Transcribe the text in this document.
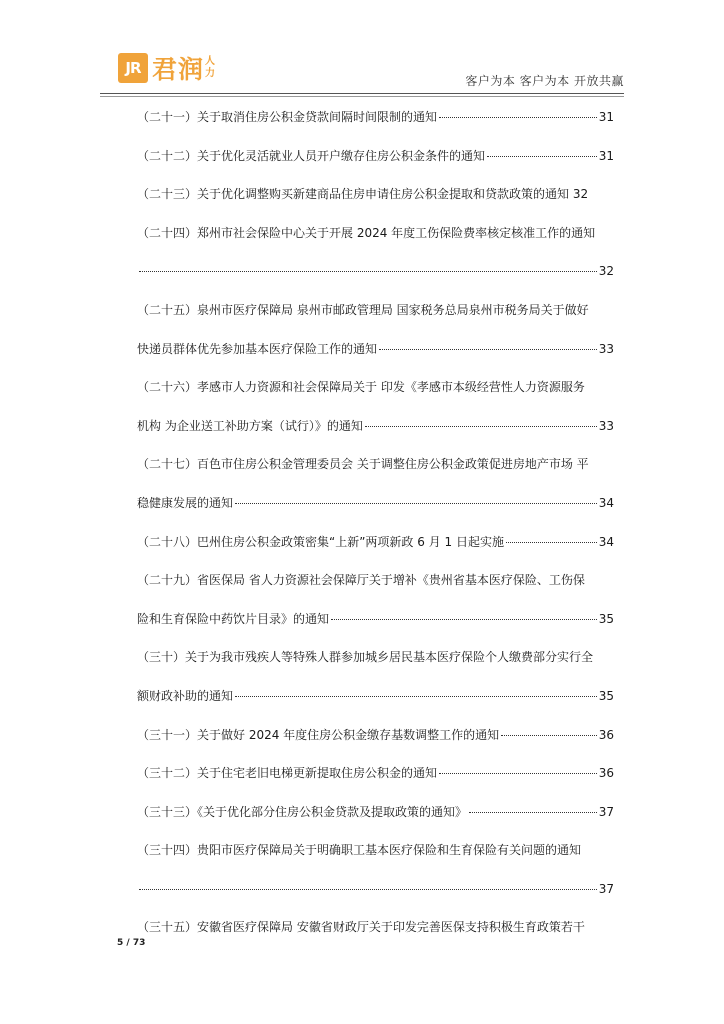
JR 君润 人
力
客户为本 客户为本 开放共赢
（二十一）关于取消住房公积金贷款间隔时间限制的通知	31
（二十二）关于优化灵活就业人员开户缴存住房公积金条件的通知	31
（二十三）关于优化调整购买新建商品住房申请住房公积金提取和贷款政策的通知 32
（二十四）郑州市社会保险中心关于开展 2024 年度工伤保险费率核定核准工作的通知
32
（二十五）泉州市医疗保障局 泉州市邮政管理局 国家税务总局泉州市税务局关于做好
快递员群体优先参加基本医疗保险工作的通知	33
（二十六）孝感市人力资源和社会保障局关于 印发《孝感市本级经营性人力资源服务
机构 为企业送工补助方案（试行）》的通知	33
（二十七）百色市住房公积金管理委员会 关于调整住房公积金政策促进房地产市场 平
稳健康发展的通知	34
（二十八）巴州住房公积金政策密集“上新”两项新政 6 月 1 日起实施	34
（二十九）省医保局 省人力资源社会保障厅关于增补《贵州省基本医疗保险、工伤保
险和生育保险中药饮片目录》的通知	35
（三十）关于为我市残疾人等特殊人群参加城乡居民基本医疗保险个人缴费部分实行全
额财政补助的通知	35
（三十一）关于做好 2024 年度住房公积金缴存基数调整工作的通知	36
（三十二）关于住宅老旧电梯更新提取住房公积金的通知	36
（三十三）《关于优化部分住房公积金贷款及提取政策的通知》	37
（三十四）贵阳市医疗保障局关于明确职工基本医疗保险和生育保险有关问题的通知
37
（三十五）安徽省医疗保障局 安徽省财政厅关于印发完善医保支持积极生育政策若干
5 / 73
